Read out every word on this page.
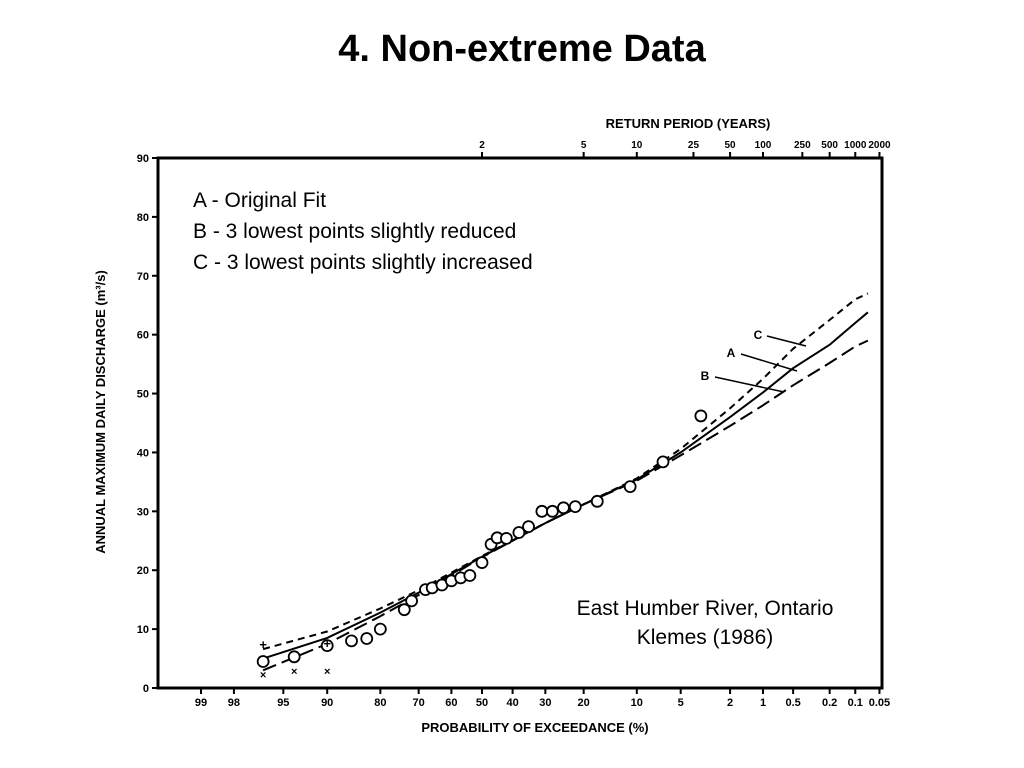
4. Non-extreme Data
0
10
20
30
40
50
60
70
80
90
99 98	95	90	80 70 60 50 40 30 20	10	5	2 1 0.5 0.2 0.1 0.05
2	5	10	25	50 100 250 500 1000 2000
+	+
× × ×
A
B
C
RETURN PERIOD (YEARS)
PROBABILITY OF EXCEEDANCE (%)
ANNUAL MAXIMUM DAILY DISCHARGE (m³/s)
A - Original Fit
B - 3 lowest points slightly reduced
C - 3 lowest points slightly increased
East Humber River, Ontario
Klemes (1986)
